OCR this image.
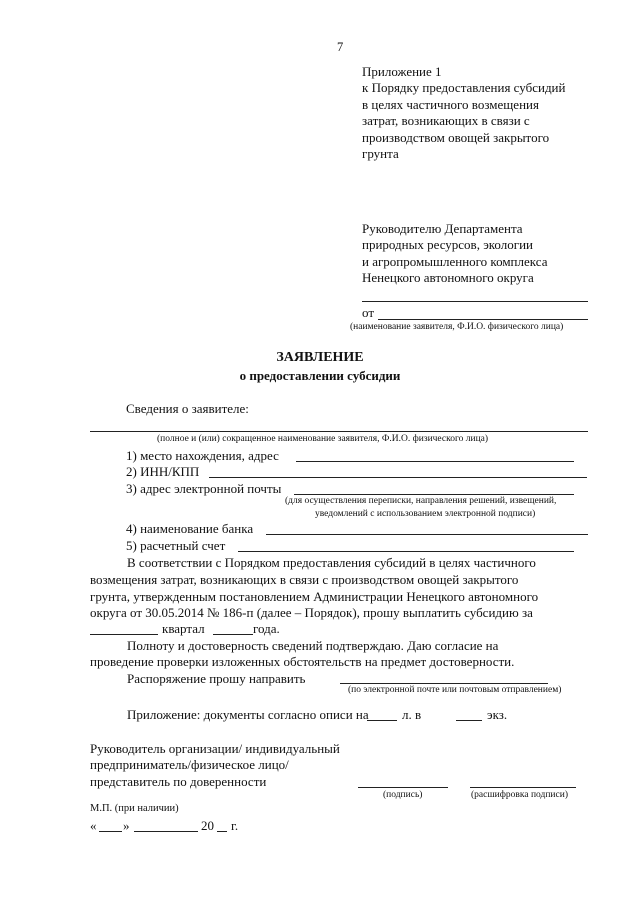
7
Приложение 1
к Порядку предоставления субсидий
в целях частичного возмещения
затрат, возникающих в связи с
производством овощей закрытого
грунта
Руководителю Департамента
природных ресурсов, экологии
и агропромышленного комплекса
Ненецкого автономного округа
от
(наименование заявителя, Ф.И.О. физического лица)
ЗАЯВЛЕНИЕ
о предоставлении субсидии
Сведения о заявителе:
(полное и (или) сокращенное наименование заявителя, Ф.И.О. физического лица)
1) место нахождения, адрес
2) ИНН/КПП
3) адрес электронной почты
(для осуществления переписки, направления решений, извещений,
уведомлений с использованием электронной подписи)
4) наименование банка
5) расчетный счет
В соответствии с Порядком предоставления субсидий в целях частичного
возмещения затрат, возникающих в связи с производством овощей закрытого
грунта, утвержденным постановлением Администрации Ненецкого автономного
округа от 30.05.2014 № 186-п (далее – Порядок), прошу выплатить субсидию за
квартал	года.
Полноту и достоверность сведений подтверждаю. Даю согласие на
проведение проверки изложенных обстоятельств на предмет достоверности.
Распоряжение прошу направить
(по электронной почте или почтовым отправлением)
Приложение: документы согласно описи на	л. в	экз.
Руководитель организации/ индивидуальный
предприниматель/физическое лицо/
представитель по доверенности
(подпись)	(расшифровка подписи)
М.П. (при наличии)
« »	20 г.
